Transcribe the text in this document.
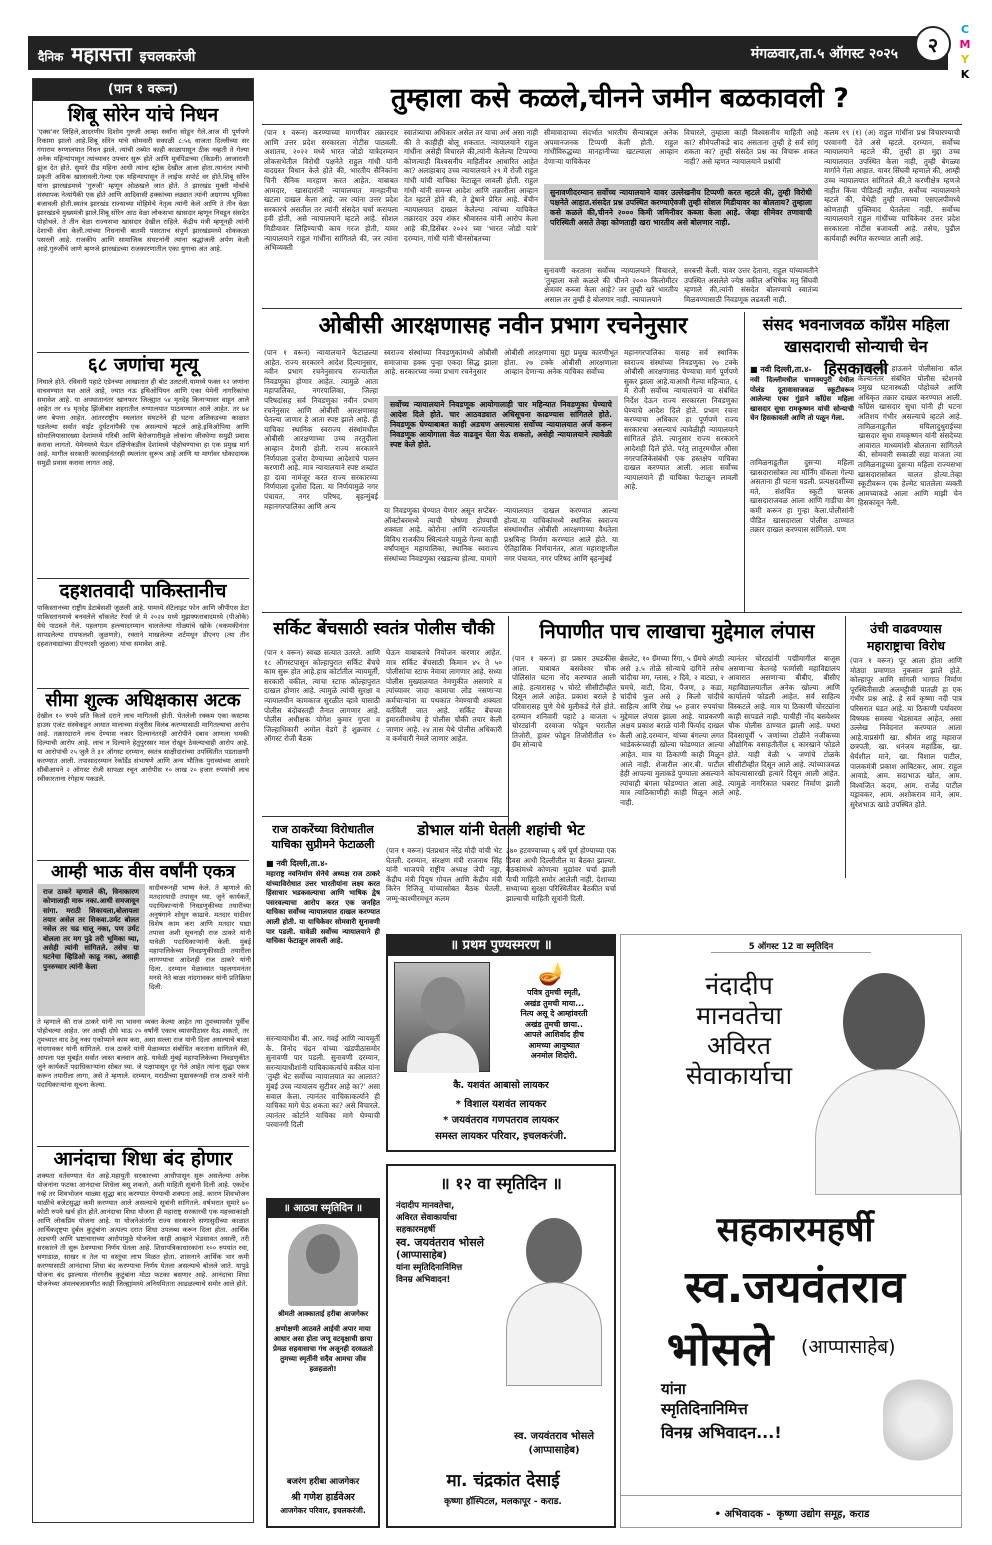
दैनिक महासत्ता इचलकरंजी	मंगळवार,ता.५ ऑगस्ट २०२५	२
C
M
Y
K
(पान १ वरून)
शिबू सोरेन यांचे निधन
'एक्स'वर लिहिले,आदरणीय दिशोम गुरुजी आम्हा सर्वांना सोडून गेले.आज मी पूर्णपणे रिकामा झालो आहे.शिबू सोरेन यांचे सोमवारी सकाळी ८:५६ वाजता दिल्लीच्या सर गंगाराम रुग्णालयात निधन झाले. त्यांची तब्येत काही काळापासून ठीक नव्हती ते गेल्या अनेक महिन्यांपासून त्यांच्यावर उपचार सुरू होते आणि मूत्रपिंडाच्या (किडनी) आजाराशी झुंज देत होते. सुमारे दीड महिना आधी त्यांना स्ट्रोक देखील आला होता.त्यानंतर त्यांची प्रकृती अधिक खालावली.गेल्या एक महिन्यापासून ते लाईफ सपोर्ट वर होते.शिबू सोरेन यांना झारखंडमध्ये 'गुरुजी' म्हणून ओळखले जात होते. ते झारखंड मुक्ती मोर्चाचे संस्थापक नेत्यांपैकी एक होते आणि आदिवासी हक्कांच्या लढ्यात त्यांनी अग्रगण्य भूमिका बजावली होती.स्वतंत्र झारखंड राज्याच्या मोहिमेचे नेतृत्व त्यांनी केले आणि ते तीन वेळा झारखंडचे मुख्यमंत्री झाले.शिबू सोरेन आठ वेळा लोकसभा खासदार म्हणून निवडून संसदेत पोहोचले. ते तीन वेळा राज्यसभा खासदार देखील राहिले. केंद्रीय मंत्री म्हणूनही त्यांनी देशाची सेवा केली.त्यांच्या निधनाची बातमी पसरताच संपूर्ण झारखंडमध्ये शोककळा पसरली आहे. राजकीय आणि सामाजिक संघटनांनी त्यांना श्रद्धांजली अर्पण केली आहे.गुरुजींचे जाणे म्हणजे झारखंडच्या राजकारणातील एका युगाचा अंत आहे.
६८ जणांचा मृत्यू
निघाले होते. रविवारी पहाटे एडेनच्या आखातात ही बोट उलटली.यामध्ये फक्त १२ जणांना वाचवण्यात यश आले आहे, ज्यात नऊ इथिओपियन आणि एका येमेनी नागरिकांचा समावेश आहे. या अपघातानंतर खानफार जिल्ह्यात ५४ मृतदेह किनाऱ्यावर वाहून आले आहेत तर १४ मृतदेह झिंजीबार शहरातील रुग्णालयात पाठवण्यात आले आहेत. तर ७४ जण बेपत्ता आहेत. आंतरराष्ट्रीय स्थलांतर संघटनेने ही घटना अलिकडच्या काळात घडलेल्या सर्वात वाईट दुर्घटनांपैकी एक असल्याचे म्हटले आहे.इथिओपिया आणि सोमालियासारख्या देशांमध्ये गरिबी आणि बेरोजगारीमुळे लोकांना जीवघेणा समुद्री प्रवास करावा लागतो. येमेनमध्ये येऊन दक्षिणेकडील देशांमध्ये पोहोचण्याचा हा एक प्रमुख मार्ग आहे. मागील सरकारी कारवाईनंतरही स्थलांतर सुरूच आहे आणि या मार्गावर धोकादायक समुद्री प्रवास करावा लागत आहे.
दहशतवादी पाकिस्तानीच
पाकिस्तानच्या राष्ट्रीय डेटाबेसशी जुळली आहे. यामध्ये सॅटेलाइट फोन आणि जीपीएस डेटा पाकिस्तानमध्ये बनवलेले चॉकलेट रॅपर्स जे मे २०२४ मध्ये मुझफ्फराबादमध्ये (पीओके) येथे पाठवले गेले. पहलगाम हल्ल्यादरम्यान चाललेल्या गोळ्यांचे खोके (चकमकीनंतर सापडलेल्या रायफलशी जुळणारे), रक्ताने माखलेल्या शर्टमधून डीएनए (त्या तीन दहशतवाद्यांच्या डीएनएशी जुळला) यांचा समावेश आहे.
सीमा शुल्क अधिक्षकास अटक
देखील १० रुपये प्रति किलो दराने लाच मागितली होती. घेतलेली रक्कम एका कस्टम्स हाउस एजंट संस्थेकडून आयात मालाच्या मंजुरीस विलंब करण्यासाठी मागितल्याचा आरोप आहे. तक्रारदाराने लाच देण्यास नकार दिल्यानंतरही आरोपीने दबाव आणला घमकी दिल्याची आरोप आहे. लाच न दिल्याने हेतुपुरस्सर माल रोखून ठेवल्याचाही आरोप आहे. या आरोपांची २५ जुलै ते ३१ ऑगस्ट दरम्यान, स्वतंत्र साक्षीदारांच्या उपस्थितीत पडताळणी करण्यात आली. तपासादरम्यान रेकॉर्डेड संभाषणे आणि अन्य भौतिक पुराव्यांच्या आधारे सीबीआयने २ ऑगस्ट रोजी सापळा रचून आरोपीस १० लाख २० हजार रुपयांची लाच स्वीकारताना रंगेहाथ पकडले.
आम्ही भाऊ वीस वर्षांनी एकत्र
राज ठाकरे म्हणाले की, विनाकारण कोणालाही मारू नका.आधी समजावून सांगा. मराठी शिकायला,बोलायला तयार असेल तर शिकवा.उर्मट बोलत नसेल तर चढ घालू नका, पण उर्मट बोलला तर मग पुढे तरी भूमिका घ्या, असेही त्यांनी सांगितले. तसेच या घटनेचा व्हिडिओ काढू नका, असाही पुनरुच्चार त्यांनी केला
वादीवरूनही भाष्य केले. ते म्हणाले की मतदारयादी तपासून घ्या. जुने कार्यकर्ते, पदाधिकाऱ्यांनी निवडणुकीच्या तयारीच्या अनुषंगाने शोधुन काढावे. मतदार यादीवर विशेष काम करा आणि मतदार याद्या तपासा अशी सूचनाही राज ठाकरे यांनी यावेळी पदाधिकाऱ्यांनी केली. मुंबई महापालिकेच्या निवडणुकीसाठी तयारीला लागण्याचा आदेशही राज ठाकरे यांनी दिला. दरम्यान मेळाव्यात पहलगामनंतर मनसे नेते बाळा नांदगावकर यांनी प्रतिक्रिया दिली.
ते म्हणाले की राज ठाकरे यांनी त्या भावना व्यक्त केल्या आहेत त्या तुमच्यापर्यंत पूर्वीच पोहोचल्या आहेत. जर आम्ही दोघे भाऊ २० वर्षांनी एकाच व्यासपीठावर येऊ शकतो, तर तुमच्यात वाद ठेवू नका एकोप्याने काम करा, असा सल्ला राज यांनी दिला असल्याचे बाळा नांदगावकर यांनी सांगितले. राज ठाकरे यांनी मेळाव्यात संबोधित करताना सांगितले की, आपला पक्ष मुंबईत सर्वात जास्त बलवान आहे. यावेळी मुंबई महापालिकेच्या निवडणुकीत जुने कार्यकर्ते पदाधिकाऱ्यांना सोबत घ्या. जे पक्षापासून दूर गेले आहेत त्यांना सुद्धा एकत्र करून तयारीला लागा, असे ते म्हणाले. दरम्यान, मराठीच्या मुद्यावरूनही राज ठाकरे यांनी पदाधिकाऱ्यांना सूचना केल्या.
आनंदाचा शिधा बंद होणार
शक्यता वर्तवण्यात येत आहे.महायुती सरकारच्या आधीपासून सुरू असलेल्या अनेक योजनांना फटका आनंदाचा शिधेला बसू शकतो, अशी माहिती सूत्रांनी दिली आहे. एकदेच नव्हे तर शिवभोजन थाळ्या सुद्धा बाद करण्यात येण्याची शक्यता आहे. कारण शिवभोजन थाळीचे बजेटसुद्धा कमी करण्यात आले असल्याचे सूत्रांनी सांगितले. वर्षभरात सुमारे ७० कोटी रुपये खर्च होत होते.आनंदाचा शिधा योजना ही महाराष्ट्र सरकारची एक महत्त्वाकांक्षी आणि लोकप्रिय योजना आहे. या योजनेअंतर्गत राज्य सरकारने सणासुदीच्या काळात आर्थिकदृष्ट्या दुर्बल कुटुंबांना अत्यल्प दरात शिधा उपलब्ध करून दिला होता. आर्थिक अडचणी आणि भ्रष्टाचाराच्या आरोपांमुळे योजनेला काही आव्हाने भेडसावत असली, तरी सरकारने ती सुरू ठेवण्याचा निर्णय घेतला आहे. शिधापत्रिकाधारकांना १०० रुपयांत रवा, चणाडाळ, साखर व तेल या वस्तूंचा लाभ मिळत होता. शासनाने आर्थिक भार कमी करण्यासाठी आनंदाचा शिधा बंद करण्याचा निर्णय घेतला असल्याचे बोलले जाते. यापुढे योजना बंद झाल्यास गोरगरीब कुटुंबांना मोठा फटका बसणार आहे. आनंदाचा शिधा योजनेच्या अंमलबजावणीत काही जिल्ह्यांमध्ये अनियमितता आढळल्याचे समोर आले होते.
तुम्हाला कसे कळले,चीनने जमीन बळकावली ?
(पान १ वरून) करण्याच्या मागणीवर तक्रारदार आणि उत्तर प्रदेश सरकारला नोटीस पाठवली. अशातच, २०२२ मध्ये भारत जोडो यात्रेदरम्यान लोकसभेतील विरोधी पक्षनेते राहुल गांधी यांनी वादग्रस्त विधान केले होते की, भारतीय सैनिकांना चिनी सैनिक मारहाण करत आहेत. याबाबत आमदार, खासदारांनी न्यायालयात मानहानीचा खटला दाखल केला आहे. जर त्यांना उत्तर प्रदेश सरकारचे असतील तर त्यांनी संसदेत चर्चा करायला हवी होती, असे न्यायालयाने म्हटले आहे. सोशल मिडीयावर लिहिण्याची काय गरज होती, यावर न्यायालयाने राहुल गांधींना सांगितले की, जर त्यांना अभिव्यक्ती
स्वातंत्र्याचा अधिकार असेल तर याचा अर्थ असा नाही की ते काहीही बोलू शकतात. न्यायालयाने राहुल गांधींना असेही विचारले की,त्यांनी केलेल्या टिप्पण्या कोणत्याही विश्वसनीय माहितीवर आधारित आहेत का? अलाहाबाद उच्च न्यायालयाने २९ मे रोजी राहुल गांधी यांची याचिका फेटाळून लावली होती. राहुल गांधी यांनी समन्स आदेश आणि तक्रारीला आव्हान देत म्हटले होते की, ते द्वेषाने प्रेरित आहे. बेंचीन न्यायालयात दाखल केलेल्या त्यांच्या याचिकेत तक्रारदार उदय शंकर श्रीवास्तव यांनी आरोप केला आहे की,डिसेंबर २०२२ च्या 'भारत जोडो यात्रे' दरम्यान, गांधी यांनी चीनसोबतच्या
सीमावादाच्या संदर्भात भारतीय सैन्याबद्दल अनेक अपमानजनक टिप्पणी केली होती. राहुल गांधींविरुद्धच्या मानहानीच्या खटल्याला आव्हान देणाऱ्या याचिकेवर
विचारले, तुम्हाला काही विश्वसनीय माहिती आहे का? सीमेपलीकडे बाद असताना तुम्ही हे सर्व सांगू शकता का? तुम्ही संसदेत प्रश्न का विचारू शकत नाही? असे म्हणत न्यायालयाने प्रश्नांची
सुनावणीदरम्यान सर्वोच्च न्यायालयाने यावर उल्लेखनीय टिप्पणी करत म्हटले की, तुम्ही विरोधी पक्षनेते आहात.संसदेत प्रश्न उपस्थित करण्याऐवजी तुम्ही सोशल मिडीयावर का बोलताय? तुम्हाला कसे कळले की,चीनने २००० किमी जमिनीवर कब्जा केला आहे. जेव्हा सीमेवर तणावाची परिस्थिती असते तेव्हा कोणताही खरा भारतीय असे बोलणार नाही.
सुनावणी करताना सर्वोच्च न्यायालयाने विचारले, 'तुम्हाला कसे कळले की चीनने २००० किलोमीटर क्षेत्रावर कब्जा केला आहे? जर तुम्ही खरे भारतीय असाल तर तुम्ही हे बोलणार नाही. न्यायालयाने
सरबत्ती केली. यावर उत्तर देताना, राहुल यांच्यावतीने उपस्थित असलेले ज्येष्ठ वकील अभिषेक मनु सिंघवी म्हणाले की,त्यांनी संसदेत बोलण्याचे स्वातंत्र्य मिळवण्यासाठी निवडणूक लढवली नाही.
कलम १९ (१) (अ) राहुल गांधींना प्रश्न विचारण्याची परवानगी देते असे म्हटले. दरम्यान, सर्वोच्च न्यायालयाने म्हटले की, तुम्ही हा मुद्दा उच्च न्यायालयात उपस्थित केला नाही, तुम्ही बेगळ्या मार्गाने गेला आहात. यावर सिंघवी म्हणाले की, आम्ही उच्च न्यायालयात सांगितले की,ते करणीक्षेत्र म्हणजे नाहीत किंवा पीडितही नाहीत. सर्वोच्च न्यायालयाने म्हटले की, येथेही तुम्ही तमच्या एसएलपीमध्ये कोणताही युक्तिवाद घेतलेला नाही. सर्वोच्च न्यायालयाने राहुल गांधींच्या याचिकेवर उत्तर प्रदेश सरकारला नोटीस बजावली आहे. तसेच, पुढील कार्यवाही स्थगित करण्यात आली आहे.
ओबीसी आरक्षणासह नवीन प्रभाग रचनेनुसार
(पान १ वरून) न्यायालयाने फेटाळल्या आहेत. राज्य सरकारने आदेश दिल्यानुसार, नवीन प्रभाग रचनेनुसारच राज्यातील निवडणूका होणार आहेत. त्यामुळे आता महापालिका, नगरपालिका, जिल्हा परिषदांसह सर्व निवडणुका नवीन प्रभाग रचनेनुसार आणि ओबीसी आरक्षणासह घेतल्या जाणार हे आता स्पष्ट झाले आहे. ही याचिका स्थानिक स्वराज्य संस्थांमधील ओबीसी आरक्षणाच्या उच्च तरतुदीला आव्हान देणारी होती. राज्य सरकारने निर्णयाला दुजोरा देण्याच्या आदेशाचे पालन करणारी आहे. मात्र न्यायालयाने स्पष्ट शब्दांत हा दावा नामंजूर करत राज्य सरकारच्या निर्णयाला दुजोरा दिला. या निर्णयामुळे नगर पंचायत, नगर परिषद, बृहन्मुंबई महानगरपालिका आणि अन्य
स्वराज्य संस्थांच्या निवडणुकांमध्ये ओबीसी समाजाचा हक्क पुन्हा एकदा सिद्ध झाला आहे. सरकारच्या नव्या प्रभाग रचनेनुसार
ओबीसी आरक्षणाचा मुद्दा प्रमुख कारणीभूत होता. २७ टक्के ओबीसी आरक्षणाला आव्हान देणाऱ्या अनेक याचिका सर्वोच्च
सर्वोच्च न्यायालयाने निवडणूक आयोगालाही चार महिन्यात निवडणुका घेण्याचे आदेश दिले होते. चार आठवड्यात अधिसूचना काढण्यास सांगितले होते. निवडणूक घेण्याबाबत काही अडचण असल्यास सर्वोच्च न्यायालयात अर्ज करून निवडणूक आयोगाला वेळ वाढवून घेता येऊ शकतो, असेही न्यायालयाने त्यावेळी स्पष्ट केले होते.
या निवडणुका घेण्यात येणार असून सप्टेंबर-ऑक्टोबरमध्ये त्याची घोषणा होण्याची शक्यता आहे. कोरोना आणि राज्यातील विविध राजकीय स्थित्यंतरे यामुळे गेल्या काही वर्षांपासून महापालिका, स्थानिक स्वराज्य संस्थांच्या निवडणुका रखडल्या होत्या. यामागे
न्यायालयात दाखल करण्यात आल्या होत्या.या याचिकांमध्ये स्थानिक स्वराज्य संस्थांमधील ओबीसी आरक्षणाच्या वैधतेला प्रश्नचिन्ह निर्माण करण्यात आले होते. या ऐतिहासिक निर्णयानंतर, आता महाराष्ट्रातील नगर पंचायत, नगर परिषद आणि बृहन्मुंबई
महानगरपालिका यासह सर्व स्थानिक स्वराज्य संस्थांच्या निवडणुका २७ टक्के ओबीसी आरक्षणासह घेण्याचा मार्ग पूर्णपणे सुकर झाला आहे.याआधी गेल्या महिन्यात, ६ मे रोजी सर्वोच्च न्यायालयाने या संबंधित निर्देश देऊन राज्य सरकारला निवडणुका घेण्याचे आदेश दिले होते. प्रभाग रचना करण्याचा अधिकार हा पूर्णपणे राज्य सरकारचा असल्याचं त्यावेळीही न्यायालयाने सांगितले होते. त्यानुसार राज्य सरकारने आदेशही दिले होते. परंतु लातूरमधील औसा नगरपालिकेसंबंधी एक हस्तक्षेप याचिका दाखल करण्यात आली. आता सर्वोच्च न्यायालयाने ही याचिका फेटाळून लावली आहे.
संसद भवनाजवळ काँग्रेस महिला खासदाराची सोन्याची चेन हिसकावली
■ नवी दिल्ली,ता.४-
नवी दिल्लीमधील चाणक्यपुरी येथील पोलंड दूतावासाजवळ स्कूटीवरून आलेल्या एका गुंडाने काँग्रेस महिला खासदार सुधा रामकृष्णन यांची सोन्याची चेन हिसकावली आणि तो पळून गेला.
तामिळनाडूतील दुसऱ्या महिला खासदारासोबत त्या मॉर्निंग वॉकला गेल्या असताना ही घटना घडली. प्रत्यक्षदर्शीच्या मते, संशयित स्कूटी चालक खासदाराजवळ आला आणि गाडीचा वेग कमी करून हा गुन्हा केला.पोलीसांनी पीडित खासदाराला पोलीस ठाण्यात तक्रार दाखल करण्यास सांगितले. पण
तामिळनाडू हाऊसने पोलीसांना कॉल केल्यानंतर संबंधित पोलीस स्टेशनचे प्रमुख घटनास्थळी पोहोचले आणि अधिकृत तक्रार दाखल करण्यात आली. काँग्रेस खासदार सुधा यांनी ही घटना अतिशय गंभीर असल्याचे म्हटले आहे. तामिळनाडूतील मयिलादुथुराईच्या खासदार सुधा रामकृष्णन यांनी संसदेच्या आवारात माध्यमांशी बोलताना सांगितले की, सोमवारी सकाळी सहा वाजता त्या तामिळनाडूच्या दुसऱ्या महिला राज्यसभा खासदारासोबत चालत होत्या.तेव्हा स्कूटीवरून एक हेल्मेट घातलेला व्यक्ती आमच्याकडे आला आणि माझी चेन हिसकावून नेली.
सर्किट बेंचसाठी स्वतंत्र पोलीस चौकी
(पान १ वरून) स्वच्छ सत्यात उतरले. आणि १८ ऑगस्टपासून कोल्हापुरात सर्किट बेंचचे काम सुरू होत आहे.हाच कोर्टातील न्यायमूर्ती, सरकारी वकील, त्याचा स्टाफ कोल्हापुरात दाखल होणार आहे. त्यामुळे त्यांची सुरक्षा व न्यायालयीन कामकाज सुरळीत व्हावे यासाठी पोलीस बंदोबस्तही तैनात लागणार आहे. पोलीस अधीक्षक योगेश कुमार गुप्ता व जिल्हाधिकारी अमोल येडगे हे शुक्रवार ८ ऑगस्ट रोजी बैठक
घेऊन याबाबतचे नियोजन करणार आहेत. मात्र सर्किट बेंचसाठी किमान ४५ ते ५० पोलीसांचा स्टाफ नेमावा लागणार आहे. सध्या पोलीस मुख्यालयात नेमणुकीत असणारे व त्यांच्यावर जादा कामाचा लोड नसणाऱ्या कर्मचाऱ्यांना या पथकात नेमण्याची शक्यता वर्तविली जात आहे. सर्किट बेंचच्या इमारतीमध्येच हे पोलीस चौकी तयार केली जाणार आहे. २४ तास येथे पोलीस अधिकारी व कर्मचारी नेमले जाणार आहेत.
निपाणीत पाच लाखाचा मुद्देमाल लंपास
(पान १ वरून) हा प्रकार उघडकीस आला. याबाबत बसवेश्वर चौक पोलिसांत घटना नोंद करण्यात आली आहे. हत्यारासह ५ चोरटे सीसीटीव्हीत दिसून आले आहेत. प्रकाश बराले हे परिवारासह पुणे येथे मुलीकडे गेले होते. दरम्यान शनिवारी पहाटे ३ वाजता ५ चोरट्यांनी दरवाजा फोडून घरातील तिजोरी, ड्रावर फोडून तिजोरीतील १० ग्रॅम सोन्याचे
ब्रेसलेट, १० ग्रॅमच्या रिंगा, ५ ग्रॅमचे अंगठी असे ३.५ तोळे सोन्याचे दागिने तसेच चांदीचा मग, ग्लास, २ दिवे, २ वाट्या, २ चमचे, वाटी, दिवा, पैंजण, ३ कडा, चांदीचे फूल असे ३ किलो चांदीचे साहित्य आणि रोख ५० हजार रुपयांचा मुद्देमाल लंपास झाला आहे. याप्रकरणी अक्षय प्रकाश बराळे यांनी फिर्याद दाखल केली आहे.दरम्यान, यांच्या बंगल्या लगत भाडेकरूंच्याही खोल्या फोडण्यात आल्या आहेत. मात्र या ठिकाणी काही मिळून आले नाही. शेजारील आर.बी. पाटील हेही आपल्या मुलाकडे पुण्याला असल्याने त्यांचाही बंगला फोडण्यात आला आहे. मात्र त्याठिकाणीही काही मिळून आले नाही.
त्यानंतर चोरट्यांनी पद्मीमागील बाजूस असणाऱ्या केतनहे फार्मासी महाविद्यालय आवारात असणाऱ्या बीबीए, बीसीए महाविद्यालयातील अनेक खोल्या आणि कार्यालये फोडली आहेत. सर्व साहित्य विस्कटले आहे. मात्र या ठिकाणी चोरट्यांना काही सापडले नाही. याचीही नोंद बसवेश्वर चौक पोलीस ठाण्यात झाली आहे. पथरा दिवसापूर्वी ५ जणांच्या टोळीने नजीकच्या औद्योगिक वसाहतीतील ६ कारखाने फोडले होते. याही वेळी ५ जणांचे टोळके सीसीटीव्हीत दिसून आले आहे. त्यांच्याजवळ कोयत्यासारखी हत्यारे दिसून आली आहेत. त्यामुळे नागरिकात घबराट निर्माण झाली आहे.
उंची वाढवण्यास महाराष्ट्राचा विरोध
(पान १ वरून) पूर आला होता आणि मोठ्या प्रमाणात नुकसान झाले होते. कोल्हापूर आणि सांगली भागात निर्माण पूरस्थितीसाठी अलमट्टीची पातळी हा एक गंभीर प्रश्न आहे. हे सर्व कृष्णा नदी पात्र परिसरात घडत आहे. या ठिकाणी पर्यावरण विषयक समस्या भेडसावत आहेत, असा उल्लेख निवेदनात करण्यात आला आहे.याप्रसंगी खा. श्रीमंत शाहू महाराज छत्रपती, खा. धनंजय महाडिक, खा. धैर्यशील माने, खा. विशाल पाटील, पालकमंत्री प्रकाश आबिटकर, आम. राहुल आवाडे, आम. सदाभाऊ खोत, आम. विश्वजित कदम, आम. राजेंद्र पाटील यड्रावकर, आम. अशोकराव माने, आम. सुरेशभाऊ खाडे उपस्थित होते.
राज ठाकरेंच्या विरोधातील याचिका सुप्रीमने फेटाळली
■ नवी दिल्ली,ता.४-
महाराष्ट्र नवनिर्माण सेनेचे अध्यक्ष राज ठाकरे यांच्याविरोधात उत्तर भारतीयांना लक्ष्य करत हिंसाचार भडकवल्याचा आणि भाषिक द्वेष पसरवल्याचा आरोप करत एक जनहित याचिका सर्वोच्च न्यायालयात दाखल करण्यात आली होती. या याचिकेवर सोमवारी सुनावणी पार पडली. यावेळी सर्वोच्च न्यायालयाने ही याचिका फेटाळून लावली आहे.
सरन्यायाधीश बी. आर. गवई आणि न्यायमूर्ती के. विनोद चंद्रन यांच्या खंडपीठासमोर सुनावणी पार पडली. सुनावणी दरम्यान, सरन्यायाधीशांनी याचिकाकर्त्याचे वकील यांना 'तुम्ही थेट सर्वोच्च न्यायालयात का आलात? मुंबई उच्च न्यायालय सुटीवर आहे का?' असा सवाल केला. त्यानंतर याचिकाकर्त्याने ही याचिका मागे घेऊ शकता का? असे विचारले. त्यानंतर कोर्टाने याचिका मागे घेण्याची परवानगी दिली
डोभाल यांनी घेतली शहांची भेट
(पान १ वरून) पंतप्रधान नरेंद्र मोदी यांची भेट घेतली. दरम्यान, संरक्षण मंत्री राजनाथ सिंह यांनी भाजपचे राष्ट्रीय अध्यक्ष जेपी नड्डा, केंद्रीय मंत्री पियुष गोयल आणि केंद्रीय मंत्री किरेन रिजिजू यांच्यासोबत बैठक घेतली. जम्मू-काश्मीरमधून कलम
३७० हटवण्याच्या ६ वर्षे पूर्ण होण्याच्या एक दिवस आधी दिल्लीतील या बैठका झाल्या. बैठकांमध्ये कोणत्या मुद्यांवर चर्चा झाली याची माहिती समोर आलेली नाही. देशाच्या सध्याच्या सुरक्षा परिस्थितीवर बैठकीत चर्चा झाल्याची माहिती सूत्रांनी दिली.
॥ प्रथम पुण्यस्मरण ॥
🪔
पवित्र तुमची स्मृती,
अखंड तुमची माया...
नित्य असू दे आम्हांवरती
अखंड तुमची छाया..
आपले आशिर्वाद हीच
आमच्या आयुष्यात
अनमोल शिदोरी.
कै. यशवंत आबासो लायकर
* विशाल यशवंत लायकर
* जयवंतराव गणपतराव लायकर
समस्त लायकर परिवार, इचलकरंजी.
॥ आठवा स्मृतिदिन ॥
श्रीमती आक्काताई हरीबा आजगेकर
क्षणोक्षणी आठवते आईची अपार माया आधार असा होता जणू वटवृक्षाची छाया प्रेमळ सहवासाचा गंध अजूनही दरवळतो तुमच्या स्मृतींनी सदैव आमचा जीव हळहळतो!
बजरंग हरीबा आजगेकर
श्री गणेश हार्डवेअर
आजगेकर परिवार, इचलकरंजी.
॥ १२ वा स्मृतिदिन ॥
नंदादीप मानवतेचा,
अविरत सेवाकार्याचा
सहकारमहर्षी
स्व. जयवंतराव भोसले
(आप्पासाहेब)
यांना स्मृतिदिनानिमित्त
विनम्र अभिवादन!
स्व. जयवंतराव भोसले
(आप्पासाहेब)
मा. चंद्रकांत देसाई
कृष्णा हॉस्पिटल, मलकापूर - कराड.
5 ऑगस्ट 12 वा स्मृतिदिन
नंदादीप
मानवतेचा
अविरत
सेवाकार्याचा
सहकारमहर्षी
स्व.जयवंतराव
भोसले	(आप्पासाहेब)
यांना
स्मृतिदिनानिमित्त
विनम्र अभिवादन...!
• अभिवादक - कृष्णा उद्योग समूह, कराड
